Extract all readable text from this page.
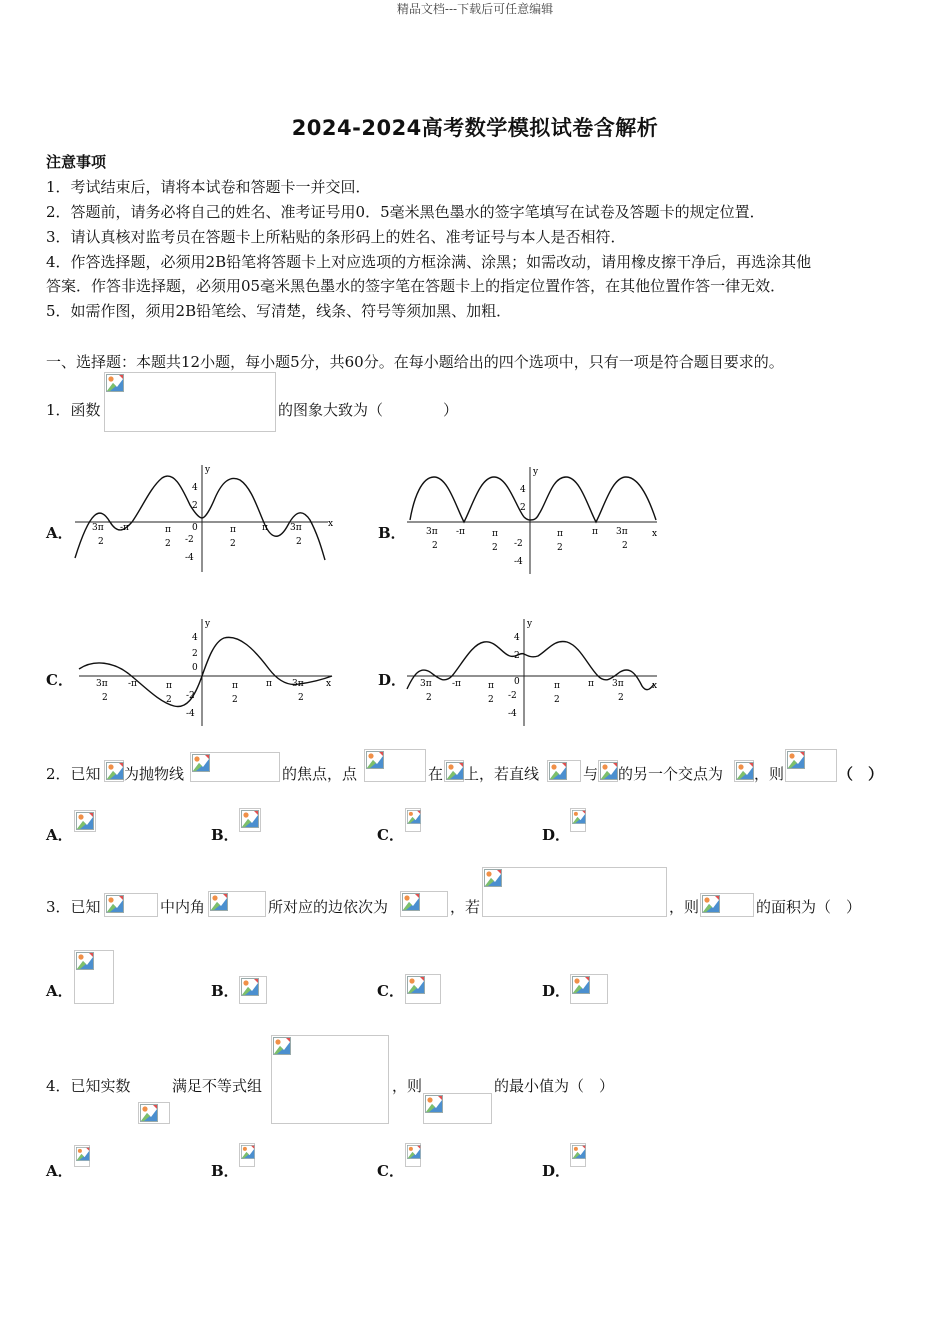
精品文档---下载后可任意编辑
2024-2024高考数学模拟试卷含解析
注意事项
1．考试结束后，请将本试卷和答题卡一并交回．
2．答题前，请务必将自己的姓名、准考证号用0．5毫米黑色墨水的签字笔填写在试卷及答题卡的规定位置．
3．请认真核对监考员在答题卡上所粘贴的条形码上的姓名、准考证号与本人是否相符．
4．作答选择题，必须用2B铅笔将答题卡上对应选项的方框涂满、涂黑；如需改动，请用橡皮擦干净后，再选涂其他
答案．作答非选择题，必须用05毫米黑色墨水的签字笔在答题卡上的指定位置作答，在其他位置作答一律无效．
5．如需作图，须用2B铅笔绘、写清楚，线条、符号等须加黑、加粗．
一、选择题：本题共12小题，每小题5分，共60分。在每小题给出的四个选项中，只有一项是符合题目要求的。
1．函数	的图象大致为（　　　　）
A．	B．
C．	D．
x
y
4
2
0
-2
-4
3π
2
-π	π
2
π
2
π 3π
2
x
y
4
2
-2
-4
3π
2
-π	π
2
π
2
π 3π
2
x
y
4
2
0
-2
-4
3π
2
-π	π
2
π
2
π 3π
2
x
y
4
2
0
-2
-4
3π
2
-π	π
2
π
2
π 3π
2
2．已知 为抛物线	的焦点，点	在 上，若直线	与 的另一个交点为 ，则	（　）
A．	B．	C．	D．
3．已知	中内角	所对应的边依次为	，若	，则	的面积为（　）
A．	B．	C．	D．
4．已知实数	满足不等式组	，则	的最小值为（　）
A．	B．	C．	D．
